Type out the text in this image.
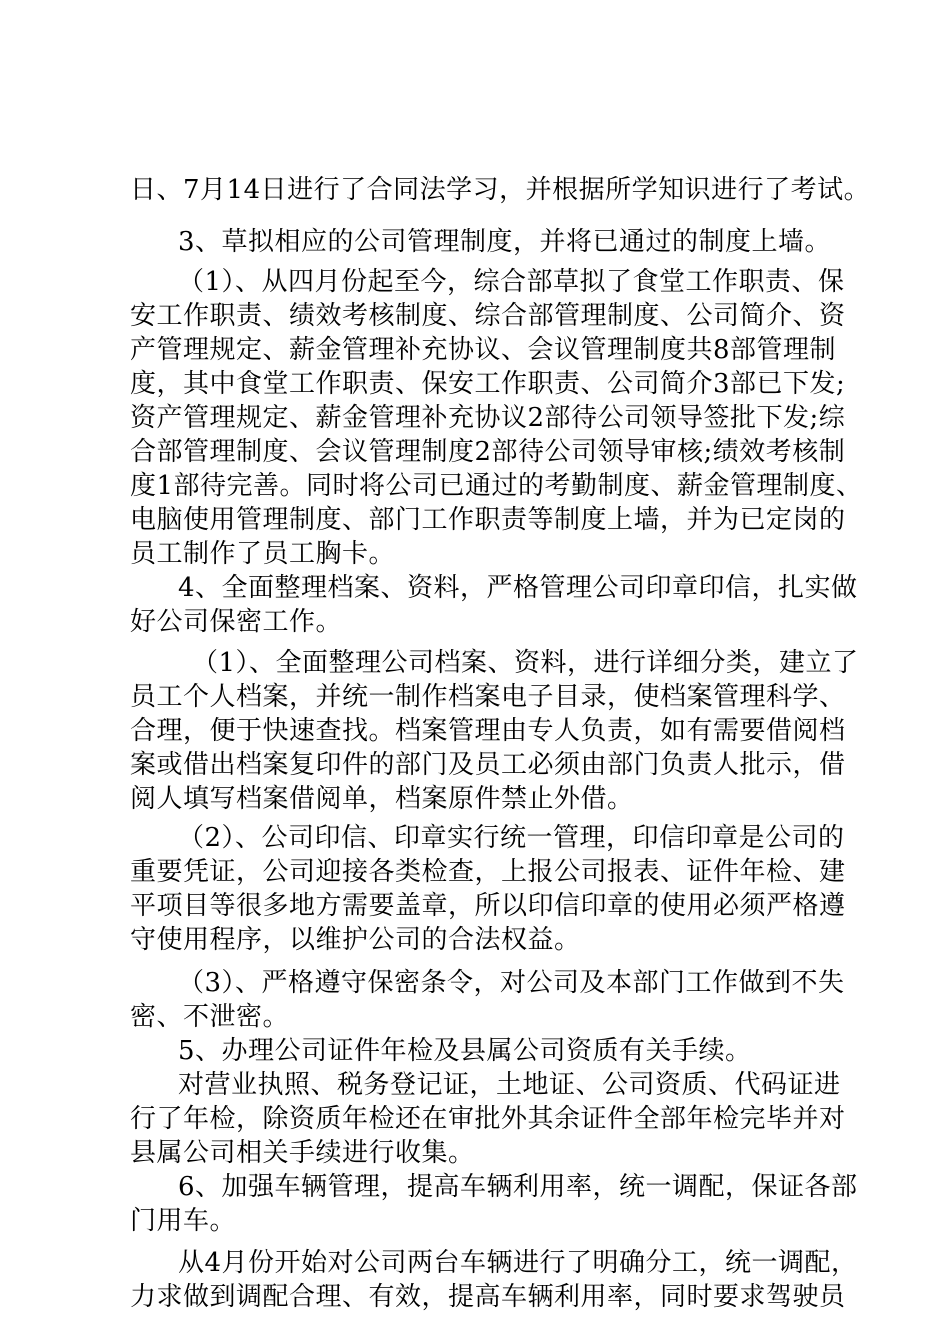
日、7月14日进行了合同法学习，并根据所学知识进行了考试。
3、草拟相应的公司管理制度，并将已通过的制度上墙。
（1）、从四月份起至今，综合部草拟了食堂工作职责、保
安工作职责、绩效考核制度、综合部管理制度、公司简介、资
产管理规定、薪金管理补充协议、会议管理制度共8部管理制
度，其中食堂工作职责、保安工作职责、公司简介3部已下发;
资产管理规定、薪金管理补充协议2部待公司领导签批下发;综
合部管理制度、会议管理制度2部待公司领导审核;绩效考核制
度1部待完善。同时将公司已通过的考勤制度、薪金管理制度、
电脑使用管理制度、部门工作职责等制度上墙，并为已定岗的
员工制作了员工胸卡。
4、全面整理档案、资料，严格管理公司印章印信，扎实做
好公司保密工作。
（1）、全面整理公司档案、资料，进行详细分类，建立了
员工个人档案，并统一制作档案电子目录，使档案管理科学、
合理，便于快速查找。档案管理由专人负责，如有需要借阅档
案或借出档案复印件的部门及员工必须由部门负责人批示，借
阅人填写档案借阅单，档案原件禁止外借。
（2）、公司印信、印章实行统一管理，印信印章是公司的
重要凭证，公司迎接各类检查，上报公司报表、证件年检、建
平项目等很多地方需要盖章，所以印信印章的使用必须严格遵
守使用程序，以维护公司的合法权益。
（3）、严格遵守保密条令，对公司及本部门工作做到不失
密、不泄密。
5、办理公司证件年检及县属公司资质有关手续。
对营业执照、税务登记证，土地证、公司资质、代码证进
行了年检，除资质年检还在审批外其余证件全部年检完毕并对
县属公司相关手续进行收集。
6、加强车辆管理，提高车辆利用率，统一调配，保证各部
门用车。
从4月份开始对公司两台车辆进行了明确分工，统一调配，
力求做到调配合理、有效，提高车辆利用率，同时要求驾驶员
